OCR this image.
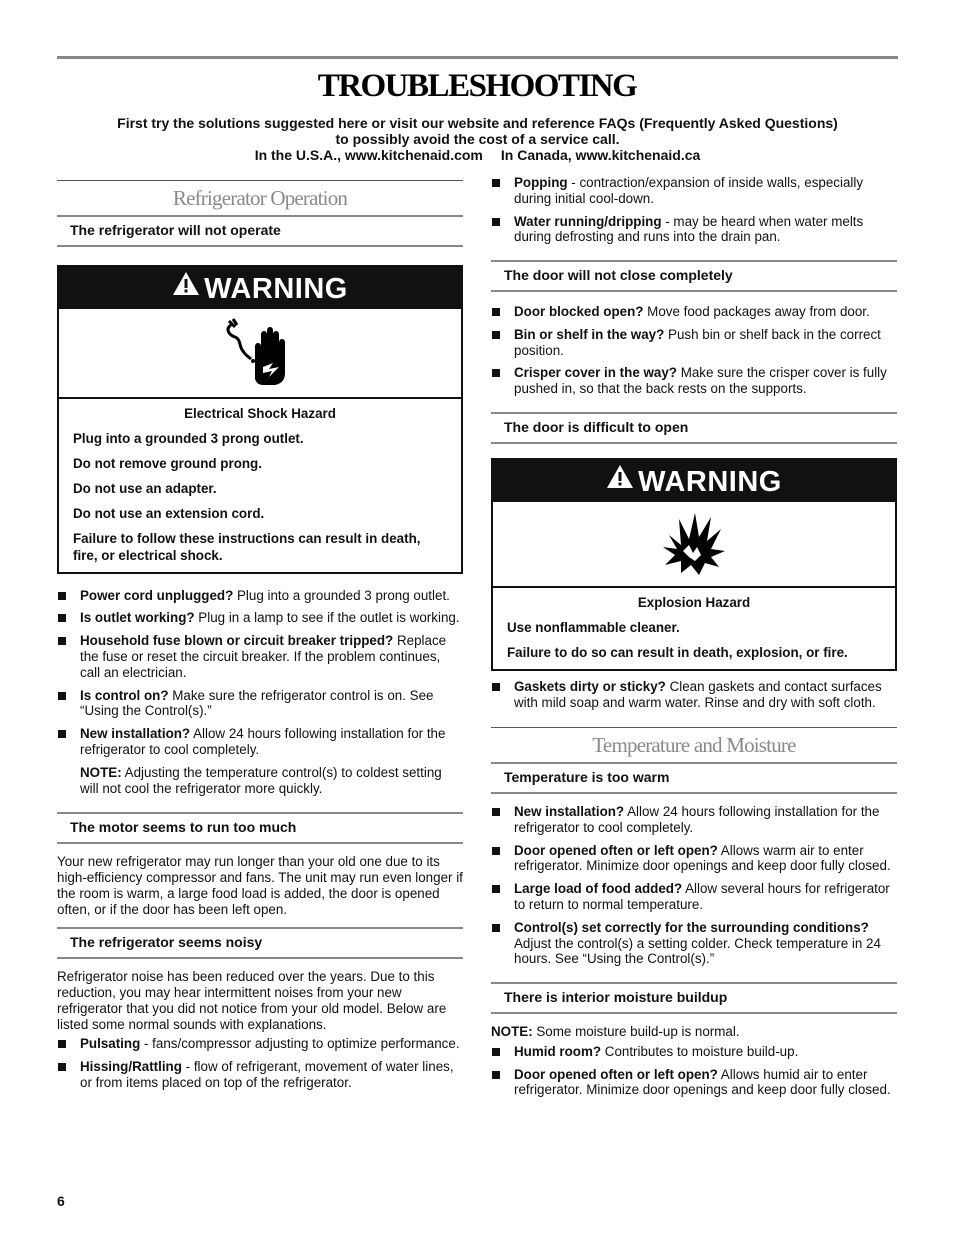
TROUBLESHOOTING
First try the solutions suggested here or visit our website and reference FAQs (Frequently Asked Questions)
to possibly avoid the cost of a service call.
In the U.S.A., www.kitchenaid.com In Canada, www.kitchenaid.ca
Refrigerator Operation
The refrigerator will not operate
WARNING
Electrical Shock Hazard

Plug into a grounded 3 prong outlet.

Do not remove ground prong.

Do not use an adapter.

Do not use an extension cord.

Failure to follow these instructions can result in death, fire, or electrical shock.

Power cord unplugged? Plug into a grounded 3 prong outlet.
Is outlet working? Plug in a lamp to see if the outlet is working.
Household fuse blown or circuit breaker tripped? Replace the fuse or reset the circuit breaker. If the problem continues, call an electrician.
Is control on? Make sure the refrigerator control is on. See “Using the Control(s).”
New installation? Allow 24 hours following installation for the refrigerator to cool completely.

NOTE: Adjusting the temperature control(s) to coldest setting will not cool the refrigerator more quickly.

The motor seems to run too much

Your new refrigerator may run longer than your old one due to its high-efficiency compressor and fans. The unit may run even longer if the room is warm, a large food load is added, the door is opened often, or if the door has been left open.

The refrigerator seems noisy

Refrigerator noise has been reduced over the years. Due to this reduction, you may hear intermittent noises from your new refrigerator that you did not notice from your old model. Below are listed some normal sounds with explanations.

Pulsating - fans/compressor adjusting to optimize performance.
Hissing/Rattling - flow of refrigerant, movement of water lines, or from items placed on top of the refrigerator.
Popping - contraction/expansion of inside walls, especially during initial cool-down.
Water running/dripping - may be heard when water melts during defrosting and runs into the drain pan.
The door will not close completely
Door blocked open? Move food packages away from door.
Bin or shelf in the way? Push bin or shelf back in the correct position.
Crisper cover in the way? Make sure the crisper cover is fully pushed in, so that the back rests on the supports.
The door is difficult to open
WARNING
Explosion Hazard

Use nonflammable cleaner.

Failure to do so can result in death, explosion, or fire.

Gaskets dirty or sticky? Clean gaskets and contact surfaces with mild soap and warm water. Rinse and dry with soft cloth.
Temperature and Moisture
Temperature is too warm
New installation? Allow 24 hours following installation for the refrigerator to cool completely.
Door opened often or left open? Allows warm air to enter refrigerator. Minimize door openings and keep door fully closed.
Large load of food added? Allow several hours for refrigerator to return to normal temperature.
Control(s) set correctly for the surrounding conditions? Adjust the control(s) a setting colder. Check temperature in 24 hours. See “Using the Control(s).”
There is interior moisture buildup

NOTE: Some moisture build-up is normal.

Humid room? Contributes to moisture build-up.
Door opened often or left open? Allows humid air to enter refrigerator. Minimize door openings and keep door fully closed.
6
